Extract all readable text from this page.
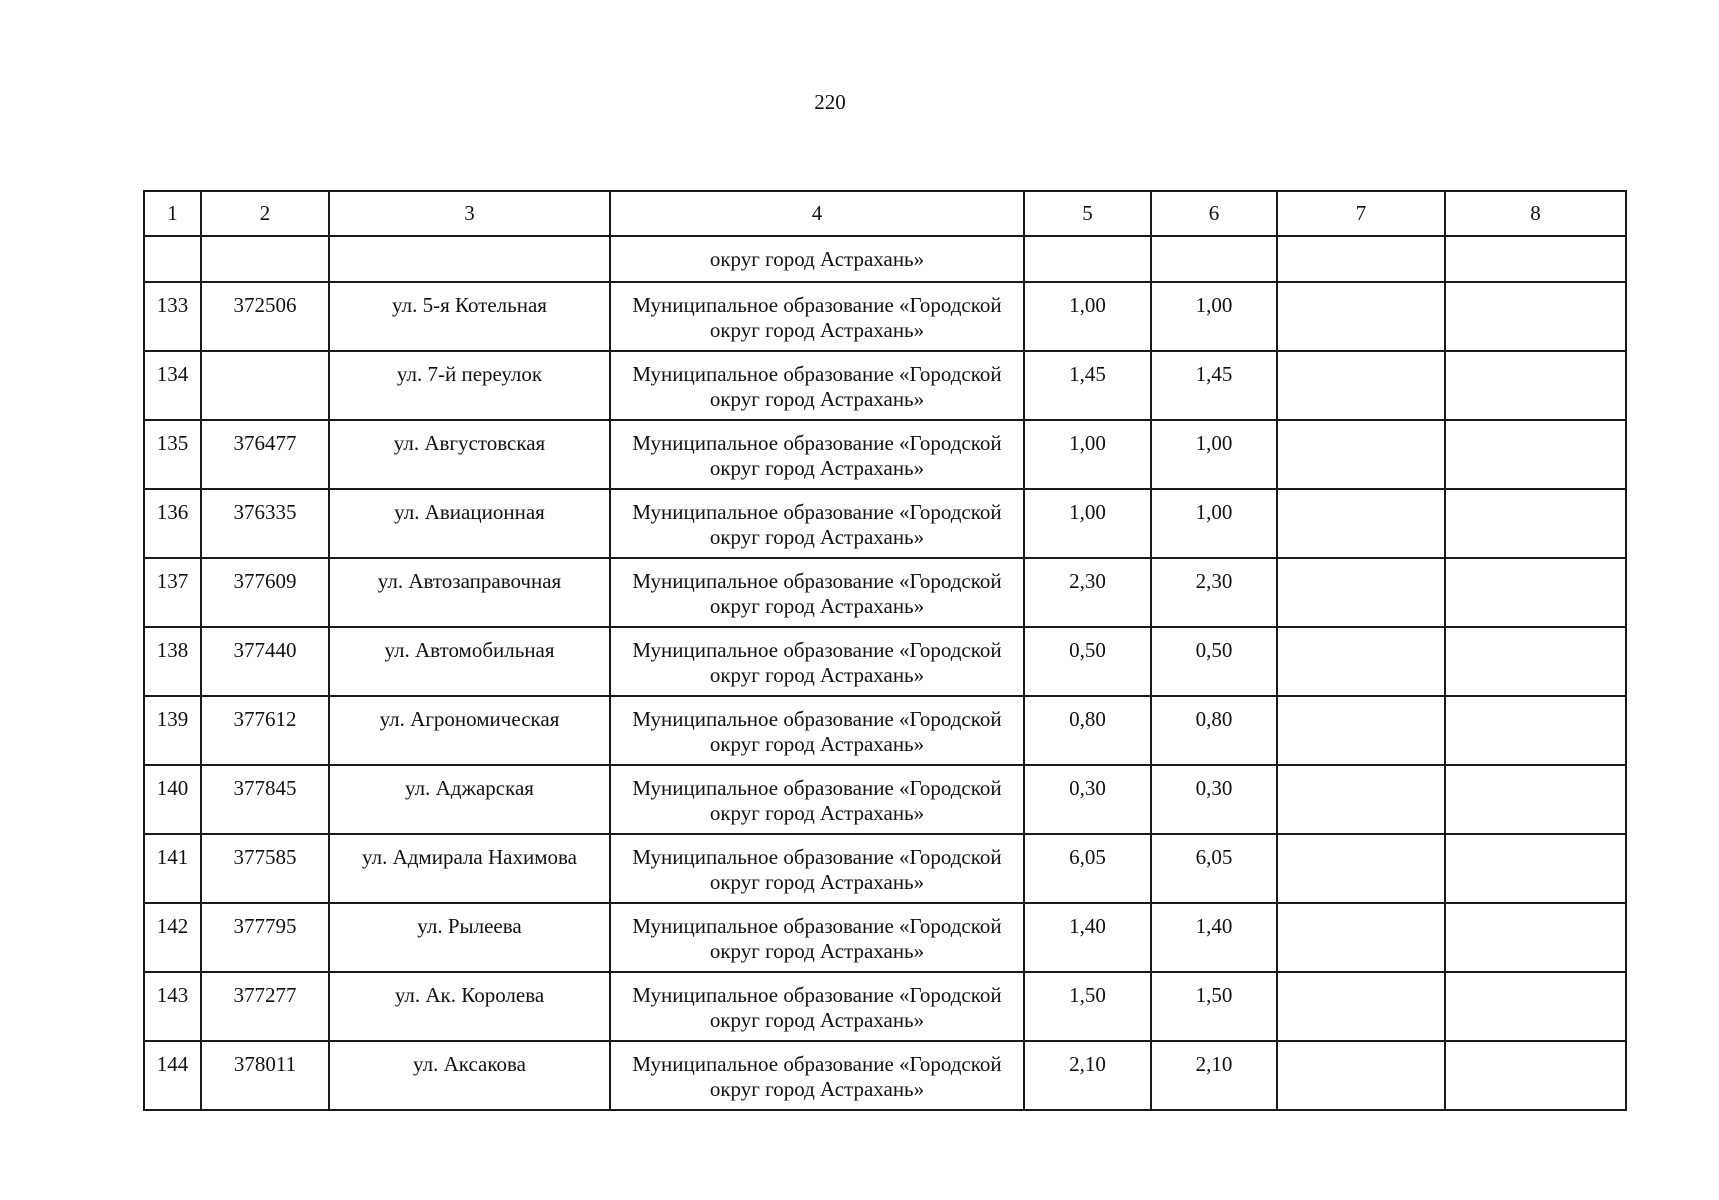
220
1	2	3	4	5	6	7	8
			округ город Астрахань»				
133	372506	ул. 5-я Котельная	Муниципальное образование «Городской
округ город Астрахань»	1,00	1,00		
134		ул. 7-й переулок	Муниципальное образование «Городской
округ город Астрахань»	1,45	1,45		
135	376477	ул. Августовская	Муниципальное образование «Городской
округ город Астрахань»	1,00	1,00		
136	376335	ул. Авиационная	Муниципальное образование «Городской
округ город Астрахань»	1,00	1,00		
137	377609	ул. Автозаправочная	Муниципальное образование «Городской
округ город Астрахань»	2,30	2,30		
138	377440	ул. Автомобильная	Муниципальное образование «Городской
округ город Астрахань»	0,50	0,50		
139	377612	ул. Агрономическая	Муниципальное образование «Городской
округ город Астрахань»	0,80	0,80		
140	377845	ул. Аджарская	Муниципальное образование «Городской
округ город Астрахань»	0,30	0,30		
141	377585	ул. Адмирала Нахимова	Муниципальное образование «Городской
округ город Астрахань»	6,05	6,05		
142	377795	ул. Рылеева	Муниципальное образование «Городской
округ город Астрахань»	1,40	1,40		
143	377277	ул. Ак. Королева	Муниципальное образование «Городской
округ город Астрахань»	1,50	1,50		
144	378011	ул. Аксакова	Муниципальное образование «Городской
округ город Астрахань»	2,10	2,10		
